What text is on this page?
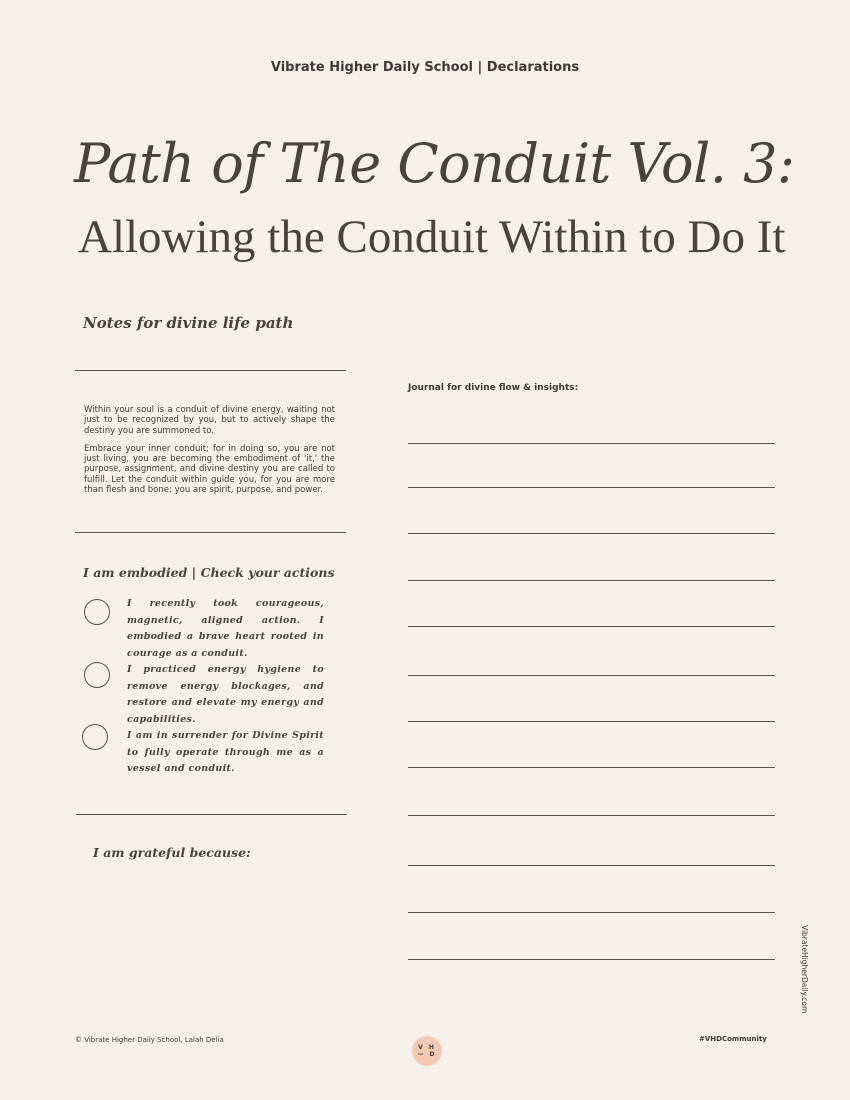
Vibrate Higher Daily School | Declarations
Path of The Conduit Vol. 3:
Allowing the Conduit Within to Do It
Notes for divine life path

Within your soul is a conduit of divine energy, waiting not just to be recognized by you, but to actively shape the destiny you are summoned to.

Embrace your inner conduit; for in doing so, you are not just living, you are becoming the embodiment of 'it,' the purpose, assignment, and divine destiny you are called to fulfill. Let the conduit within guide you, for you are more than flesh and bone; you are spirit, purpose, and power.

I am embodied | Check your actions

I recently took courageous, magnetic, aligned action. I embodied a brave heart rooted in courage as a conduit.

I practiced energy hygiene to remove energy blockages, and restore and elevate my energy and capabilities.

I am in surrender for Divine Spirit to fully operate through me as a vessel and conduit.

I am grateful because:
Journal for divine flow & insights:
VibrateHigherDaily.com
© Vibrate Higher Daily School, Lalah Delia
V H
— D
#VHDCommunity
